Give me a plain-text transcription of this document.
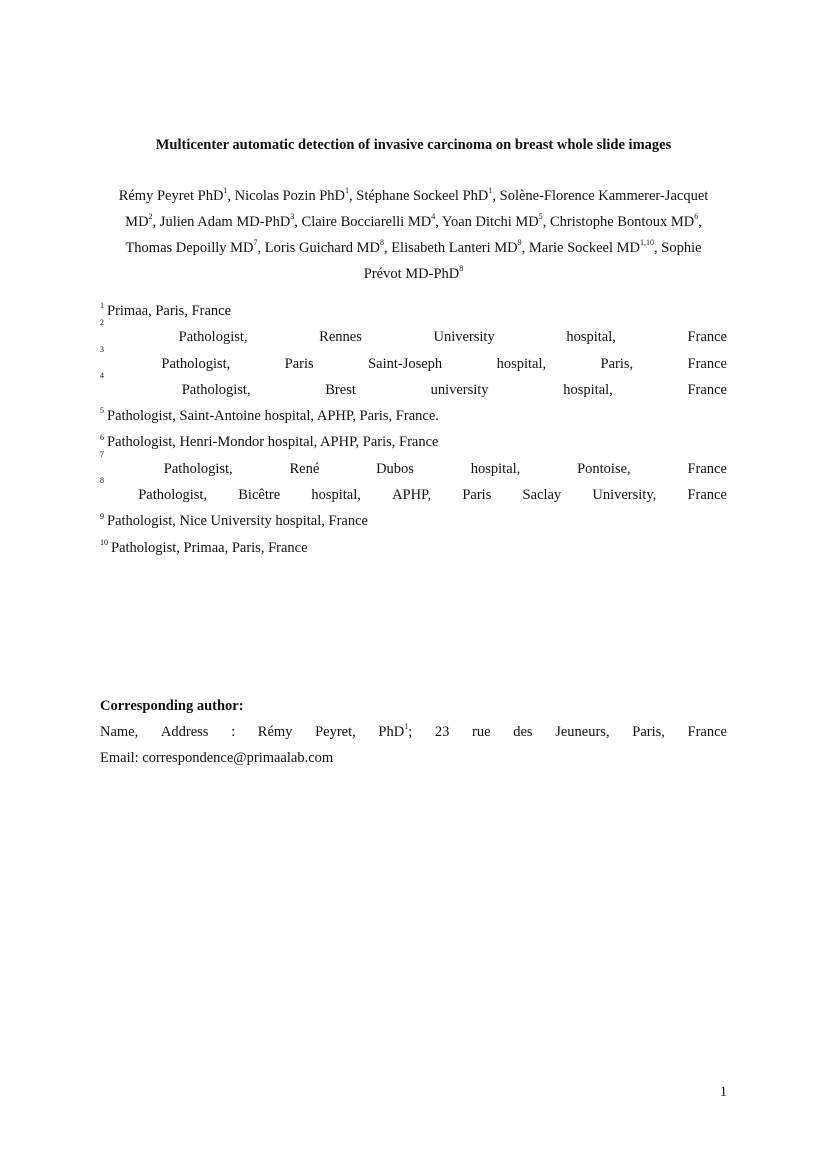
Multicenter automatic detection of invasive carcinoma on breast whole slide images
Rémy Peyret PhD$^1$, Nicolas Pozin PhD$^1$, Stéphane Sockeel PhD$^1$, Solène-Florence Kammerer-Jacquet
$MD^2$, Julien Adam MD-PhD$^3$, Claire Bocciarelli $MD^4$, Yoan Ditchi $MD^5$, Christophe Bontoux $MD^6$,
Thomas Depoilly $MD^7$, Loris Guichard $MD^8$, Elisabeth Lanteri $MD^9$, Marie Sockeel MD$^{1,10}$, Sophie
Prévot MD-PhD$^8$
$^1$ Primaa, Paris, France
$^2$
Pathologist,	Rennes	University	hospital,	France
$^3$
Pathologist,	Paris	Saint-Joseph	hospital,	Paris,	France
$^4$
Pathologist,	Brest	university	hospital,	France
$^5$ Pathologist, Saint-Antoine hospital, APHP, Paris, France.
$^6$ Pathologist, Henri-Mondor hospital, APHP, Paris, France
$^7$
Pathologist,	René	Dubos	hospital,	Pontoise,	France
$^8$
Pathologist, Bicêtre hospital, APHP, Paris Saclay University, France
$^9$ Pathologist, Nice University hospital, France
$^{10}$ Pathologist, Primaa, Paris, France
Corresponding author:
Name, Address : Rémy Peyret, PhD$^1$; 23 rue des Jeuneurs, Paris, France
Email: correspondence@primaalab.com
1
